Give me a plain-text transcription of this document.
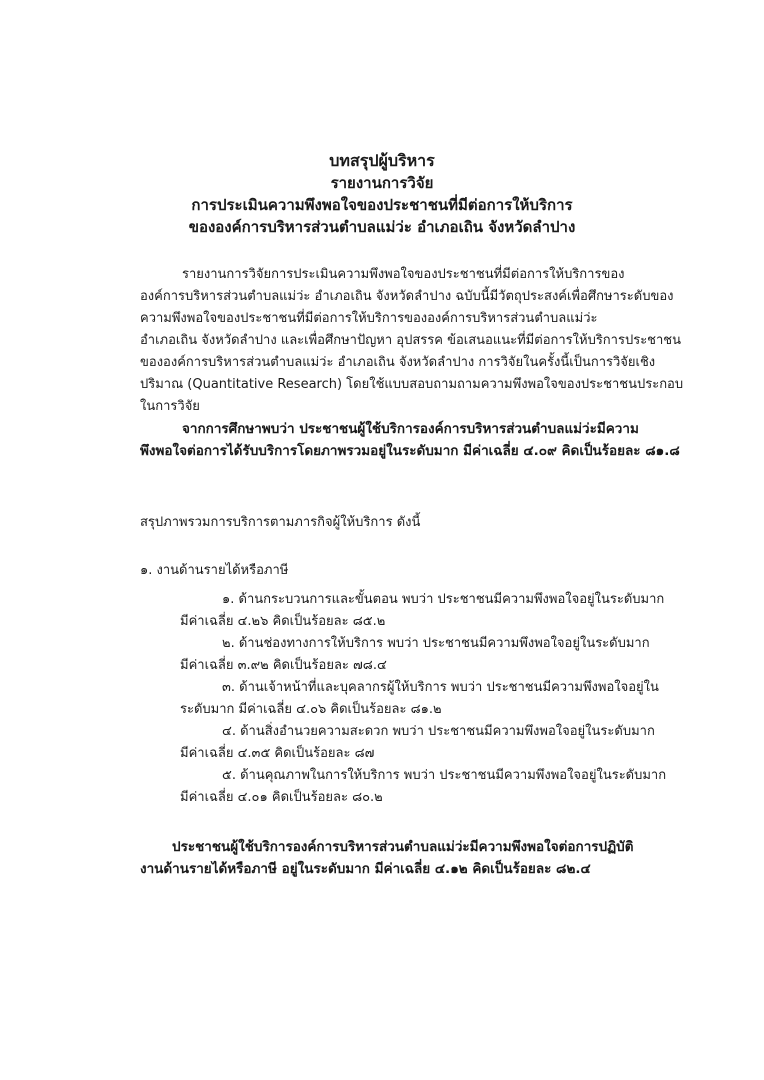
บทสรุปผู้บริหาร
รายงานการวิจัย
การประเมินความพึงพอใจของประชาชนที่มีต่อการให้บริการ
ขององค์การบริหารส่วนตำบลแม่ว่ะ อำเภอเถิน จังหวัดลำปาง
รายงานการวิจัยการประเมินความพึงพอใจของประชาชนที่มีต่อการให้บริการของ
องค์การบริหารส่วนตำบลแม่ว่ะ อำเภอเถิน จังหวัดลำปาง ฉบับนี้มีวัตถุประสงค์เพื่อศึกษาระดับของ
ความพึงพอใจของประชาชนที่มีต่อการให้บริการขององค์การบริหารส่วนตำบลแม่ว่ะ
อำเภอเถิน จังหวัดลำปาง และเพื่อศึกษาปัญหา อุปสรรค ข้อเสนอแนะที่มีต่อการให้บริการประชาชน
ขององค์การบริหารส่วนตำบลแม่ว่ะ อำเภอเถิน จังหวัดลำปาง การวิจัยในครั้งนี้เป็นการวิจัยเชิง
ปริมาณ (Quantitative Research) โดยใช้แบบสอบถามถามความพึงพอใจของประชาชนประกอบ
ในการวิจัย
จากการศึกษาพบว่า ประชาชนผู้ใช้บริการองค์การบริหารส่วนตำบลแม่ว่ะมีความ
พึงพอใจต่อการได้รับบริการโดยภาพรวมอยู่ในระดับมาก มีค่าเฉลี่ย ๔.๐๙ คิดเป็นร้อยละ ๘๑.๘
สรุปภาพรวมการบริการตามภารกิจผู้ให้บริการ ดังนี้
๑. งานด้านรายได้หรือภาษี
๑. ด้านกระบวนการและขั้นตอน พบว่า ประชาชนมีความพึงพอใจอยู่ในระดับมาก
มีค่าเฉลี่ย ๔.๒๖ คิดเป็นร้อยละ ๘๕.๒
๒. ด้านช่องทางการให้บริการ พบว่า ประชาชนมีความพึงพอใจอยู่ในระดับมาก
มีค่าเฉลี่ย ๓.๙๒ คิดเป็นร้อยละ ๗๘.๔
๓. ด้านเจ้าหน้าที่และบุคลากรผู้ให้บริการ พบว่า ประชาชนมีความพึงพอใจอยู่ใน
ระดับมาก มีค่าเฉลี่ย ๔.๐๖ คิดเป็นร้อยละ ๘๑.๒
๔. ด้านสิ่งอำนวยความสะดวก พบว่า ประชาชนมีความพึงพอใจอยู่ในระดับมาก
มีค่าเฉลี่ย ๔.๓๕ คิดเป็นร้อยละ ๘๗
๕. ด้านคุณภาพในการให้บริการ พบว่า ประชาชนมีความพึงพอใจอยู่ในระดับมาก
มีค่าเฉลี่ย ๔.๐๑ คิดเป็นร้อยละ ๘๐.๒
ประชาชนผู้ใช้บริการองค์การบริหารส่วนตำบลแม่ว่ะมีความพึงพอใจต่อการปฏิบัติ
งานด้านรายได้หรือภาษี อยู่ในระดับมาก มีค่าเฉลี่ย ๔.๑๒ คิดเป็นร้อยละ ๘๒.๔
